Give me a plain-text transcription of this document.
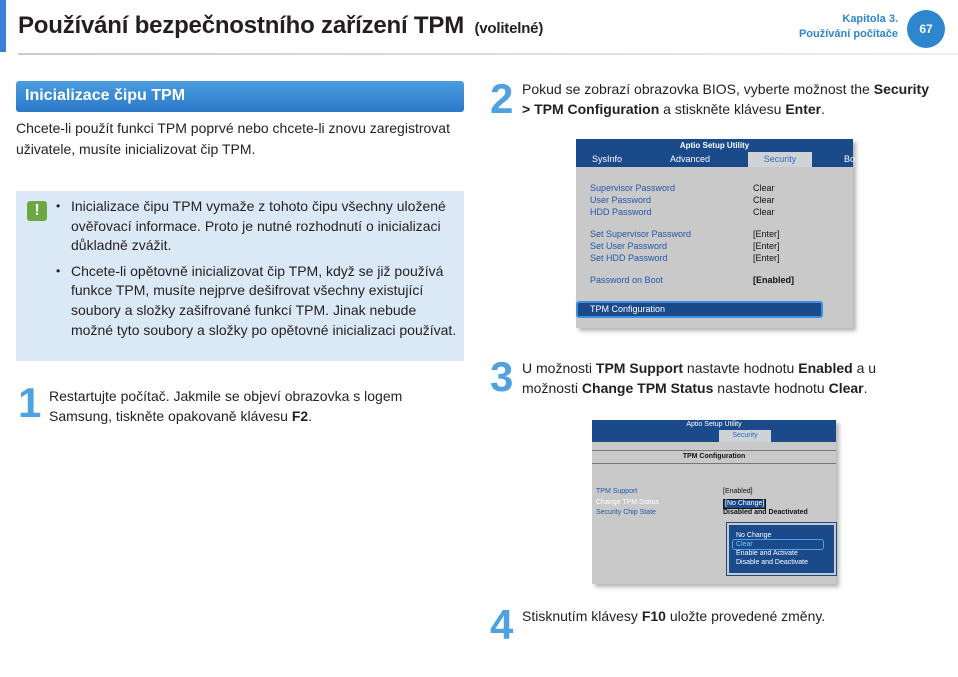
Používání bezpečnostního zařízení TPM (volitelné)
Kapitola 3.
Používání počítače	67
Inicializace čipu TPM
Chcete-li použít funkci TPM poprvé nebo chcete-li znovu zaregistrovat uživatele, musíte inicializovat čip TPM.
!
•	Inicializace čipu TPM vymaže z tohoto čipu všechny uložené ověřovací informace. Proto je nutné rozhodnutí o inicializaci důkladně zvážit.
• Chcete-li opětovně inicializovat čip TPM, když se již používá funkce TPM, musíte nejprve dešifrovat všechny existující soubory a složky zašifrované funkcí TPM. Jinak nebude možné tyto soubory a složky po opětovné inicializaci používat.
1 Restartujte počítač. Jakmile se objeví obrazovka s logem Samsung, tiskněte opakovaně klávesu F2.
2 Pokud se zobrazí obrazovka BIOS, vyberte možnost the Security > TPM Configuration a stiskněte klávesu Enter.
Aptio Setup Utility
SysInfo	Advanced	Security	Bo
Supervisor Password	Clear
User Password	Clear
HDD Password	Clear
Set Supervisor Password	[Enter]
Set User Password	[Enter]
Set HDD Password	[Enter]
Password on Boot	[Enabled]
TPM Configuration
3 U možnosti TPM Support nastavte hodnotu Enabled a u možnosti Change TPM Status nastavte hodnotu Clear.
Aptio Setup Utility
Security
TPM Configuration
TPM Support	[Enabled]
Change TPM Status	[No Change]
Security Chip State	Disabled and Deactivated
No Change
Clear
Enable and Activate
Disable and Deactivate
4 Stisknutím klávesy F10 uložte provedené změny.
